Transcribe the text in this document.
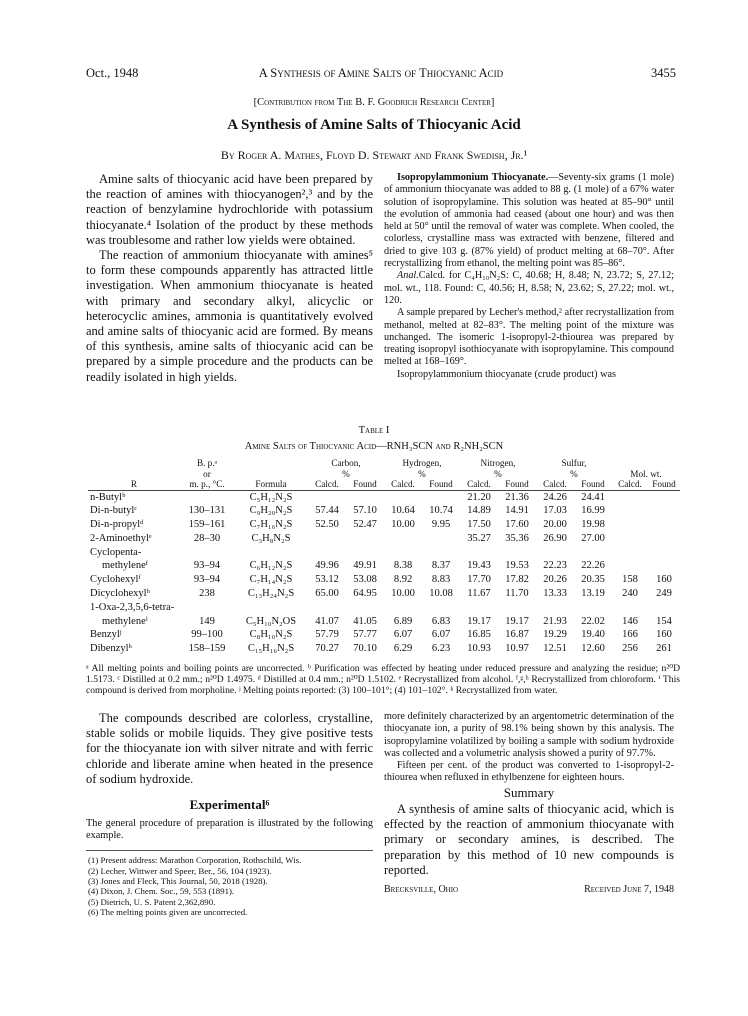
Oct., 1948	A Synthesis of Amine Salts of Thiocyanic Acid	3455
[Contribution from The B. F. Goodrich Research Center]
A Synthesis of Amine Salts of Thiocyanic Acid
By Roger A. Mathes, Floyd D. Stewart and Frank Swedish, Jr.¹

Amine salts of thiocyanic acid have been prepared by the reaction of amines with thiocyanogen²,³ and by the reaction of benzylamine hydrochloride with potassium thiocyanate.⁴ Isolation of the product by these methods was troublesome and rather low yields were obtained.

The reaction of ammonium thiocyanate with amines⁵ to form these compounds apparently has attracted little investigation. When ammonium thiocyanate is heated with primary and secondary alkyl, alicyclic or heterocyclic amines, ammonia is quantitatively evolved and amine salts of thiocyanic acid are formed. By means of this synthesis, amine salts of thiocyanic acid can be prepared by a simple procedure and the products can be readily isolated in high yields.

Isopropylammonium Thiocyanate.—Seventy-six grams (1 mole) of ammonium thiocyanate was added to 88 g. (1 mole) of a 67% water solution of isopropylamine. This solution was heated at 85–90° until the evolution of ammonia had ceased (about one hour) and was then held at 50° until the removal of water was complete. When cooled, the colorless, crystalline mass was extracted with benzene, filtered and dried to give 103 g. (87% yield) of product melting at 68–70°. After recrystallizing from ethanol, the melting point was 85–86°.

Anal.Calcd. for C₄H₁₀N₂S: C, 40.68; H, 8.48; N, 23.72; S, 27.12; mol. wt., 118. Found: C, 40.56; H, 8.58; N, 23.62; S, 27.22; mol. wt., 120.

A sample prepared by Lecher's method,² after recrystallization from methanol, melted at 82–83°. The melting point of the mixture was unchanged. The isomeric 1-isopropyl-2-thiourea was prepared by treating isopropyl isothiocyanate with isopropylamine. This compound melted at 168–169°.

Isopropylammonium thiocyanate (crude product) was

Table I
Amine Salts of Thiocyanic Acid—RNH₃SCN and R₂NH₂SCN
	B. p.ᵃ		Carbon,		Hydrogen,		Nitrogen,		Sulfur,			
	or		%		%		%		%		Mol. wt.	
R	m. p., °C.	Formula	Calcd.	Found	Calcd.	Found	Calcd.	Found	Calcd.	Found	Calcd.	Found
n-Butylᵇ		C₅H₁₂N₂S					21.20	21.36	24.26	24.41		
Di-n-butylᶜ	130–131	C₉H₂₀N₂S	57.44	57.10	10.64	10.74	14.89	14.91	17.03	16.99		
Di-n-propylᵈ	159–161	C₇H₁₆N₂S	52.50	52.47	10.00	9.95	17.50	17.60	20.00	19.98		
2-Aminoethylᵉ	28–30	C₃H₈N₂S					35.27	35.36	26.90	27.00		
Cyclopenta-												
methyleneᶠ	93–94	C₆H₁₂N₂S	49.96	49.91	8.38	8.37	19.43	19.53	22.23	22.26		
Cyclohexylᶠ	93–94	C₇H₁₄N₂S	53.12	53.08	8.92	8.83	17.70	17.82	20.26	20.35	158	160
Dicyclohexylʰ	238	C₁₃H₂₄N₂S	65.00	64.95	10.00	10.08	11.67	11.70	13.33	13.19	240	249
1-Oxa-2,3,5,6-tetra-												
methyleneⁱ	149	C₅H₁₀N₂OS	41.07	41.05	6.89	6.83	19.17	19.17	21.93	22.02	146	154
Benzylʲ	99–100	C₈H₁₀N₂S	57.79	57.77	6.07	6.07	16.85	16.87	19.29	19.40	166	160
Dibenzylʰ	158–159	C₁₅H₁₆N₂S	70.27	70.10	6.29	6.23	10.93	10.97	12.51	12.60	256	261
ᵃ All melting points and boiling points are uncorrected. ᵇ Purification was effected by heating under reduced pressure and analyzing the residue; n²⁰D 1.5173. ᶜ Distilled at 0.2 mm.; n²⁰D 1.4975. ᵈ Distilled at 0.4 mm.; n²⁰D 1.5102. ᵉ Recrystallized from alcohol. ᶠ,ᵍ,ʰ Recrystallized from chloroform. ⁱ This compound is derived from morpholine. ʲ Melting points reported: (3) 100–101°; (4) 101–102°. ᵏ Recrystallized from water.

The compounds described are colorless, crystalline, stable solids or mobile liquids. They give positive tests for the thiocyanate ion with silver nitrate and with ferric chloride and liberate amine when heated in the presence of sodium hydroxide.

Experimental⁶

The general procedure of preparation is illustrated by the following example.

(1) Present address: Marathon Corporation, Rothschild, Wis.
(2) Lecher, Wittwer and Speer, Ber., 56, 104 (1923).
(3) Jones and Fleck, This Journal, 50, 2018 (1928).
(4) Dixon, J. Chem. Soc., 59, 553 (1891).
(5) Dietrich, U. S. Patent 2,362,890.
(6) The melting points given are uncorrected.

more definitely characterized by an argentometric determination of the thiocyanate ion, a purity of 98.1% being shown by this analysis. The isopropylamine volatilized by boiling a sample with sodium hydroxide was collected and a volumetric analysis showed a purity of 97.7%.

Fifteen per cent. of the product was converted to 1-isopropyl-2-thiourea when refluxed in ethylbenzene for eighteen hours.

Summary

A synthesis of amine salts of thiocyanic acid, which is effected by the reaction of ammonium thiocyanate with primary or secondary amines, is described. The preparation by this method of 10 new compounds is reported.

Brecksville, Ohio	Received June 7, 1948
